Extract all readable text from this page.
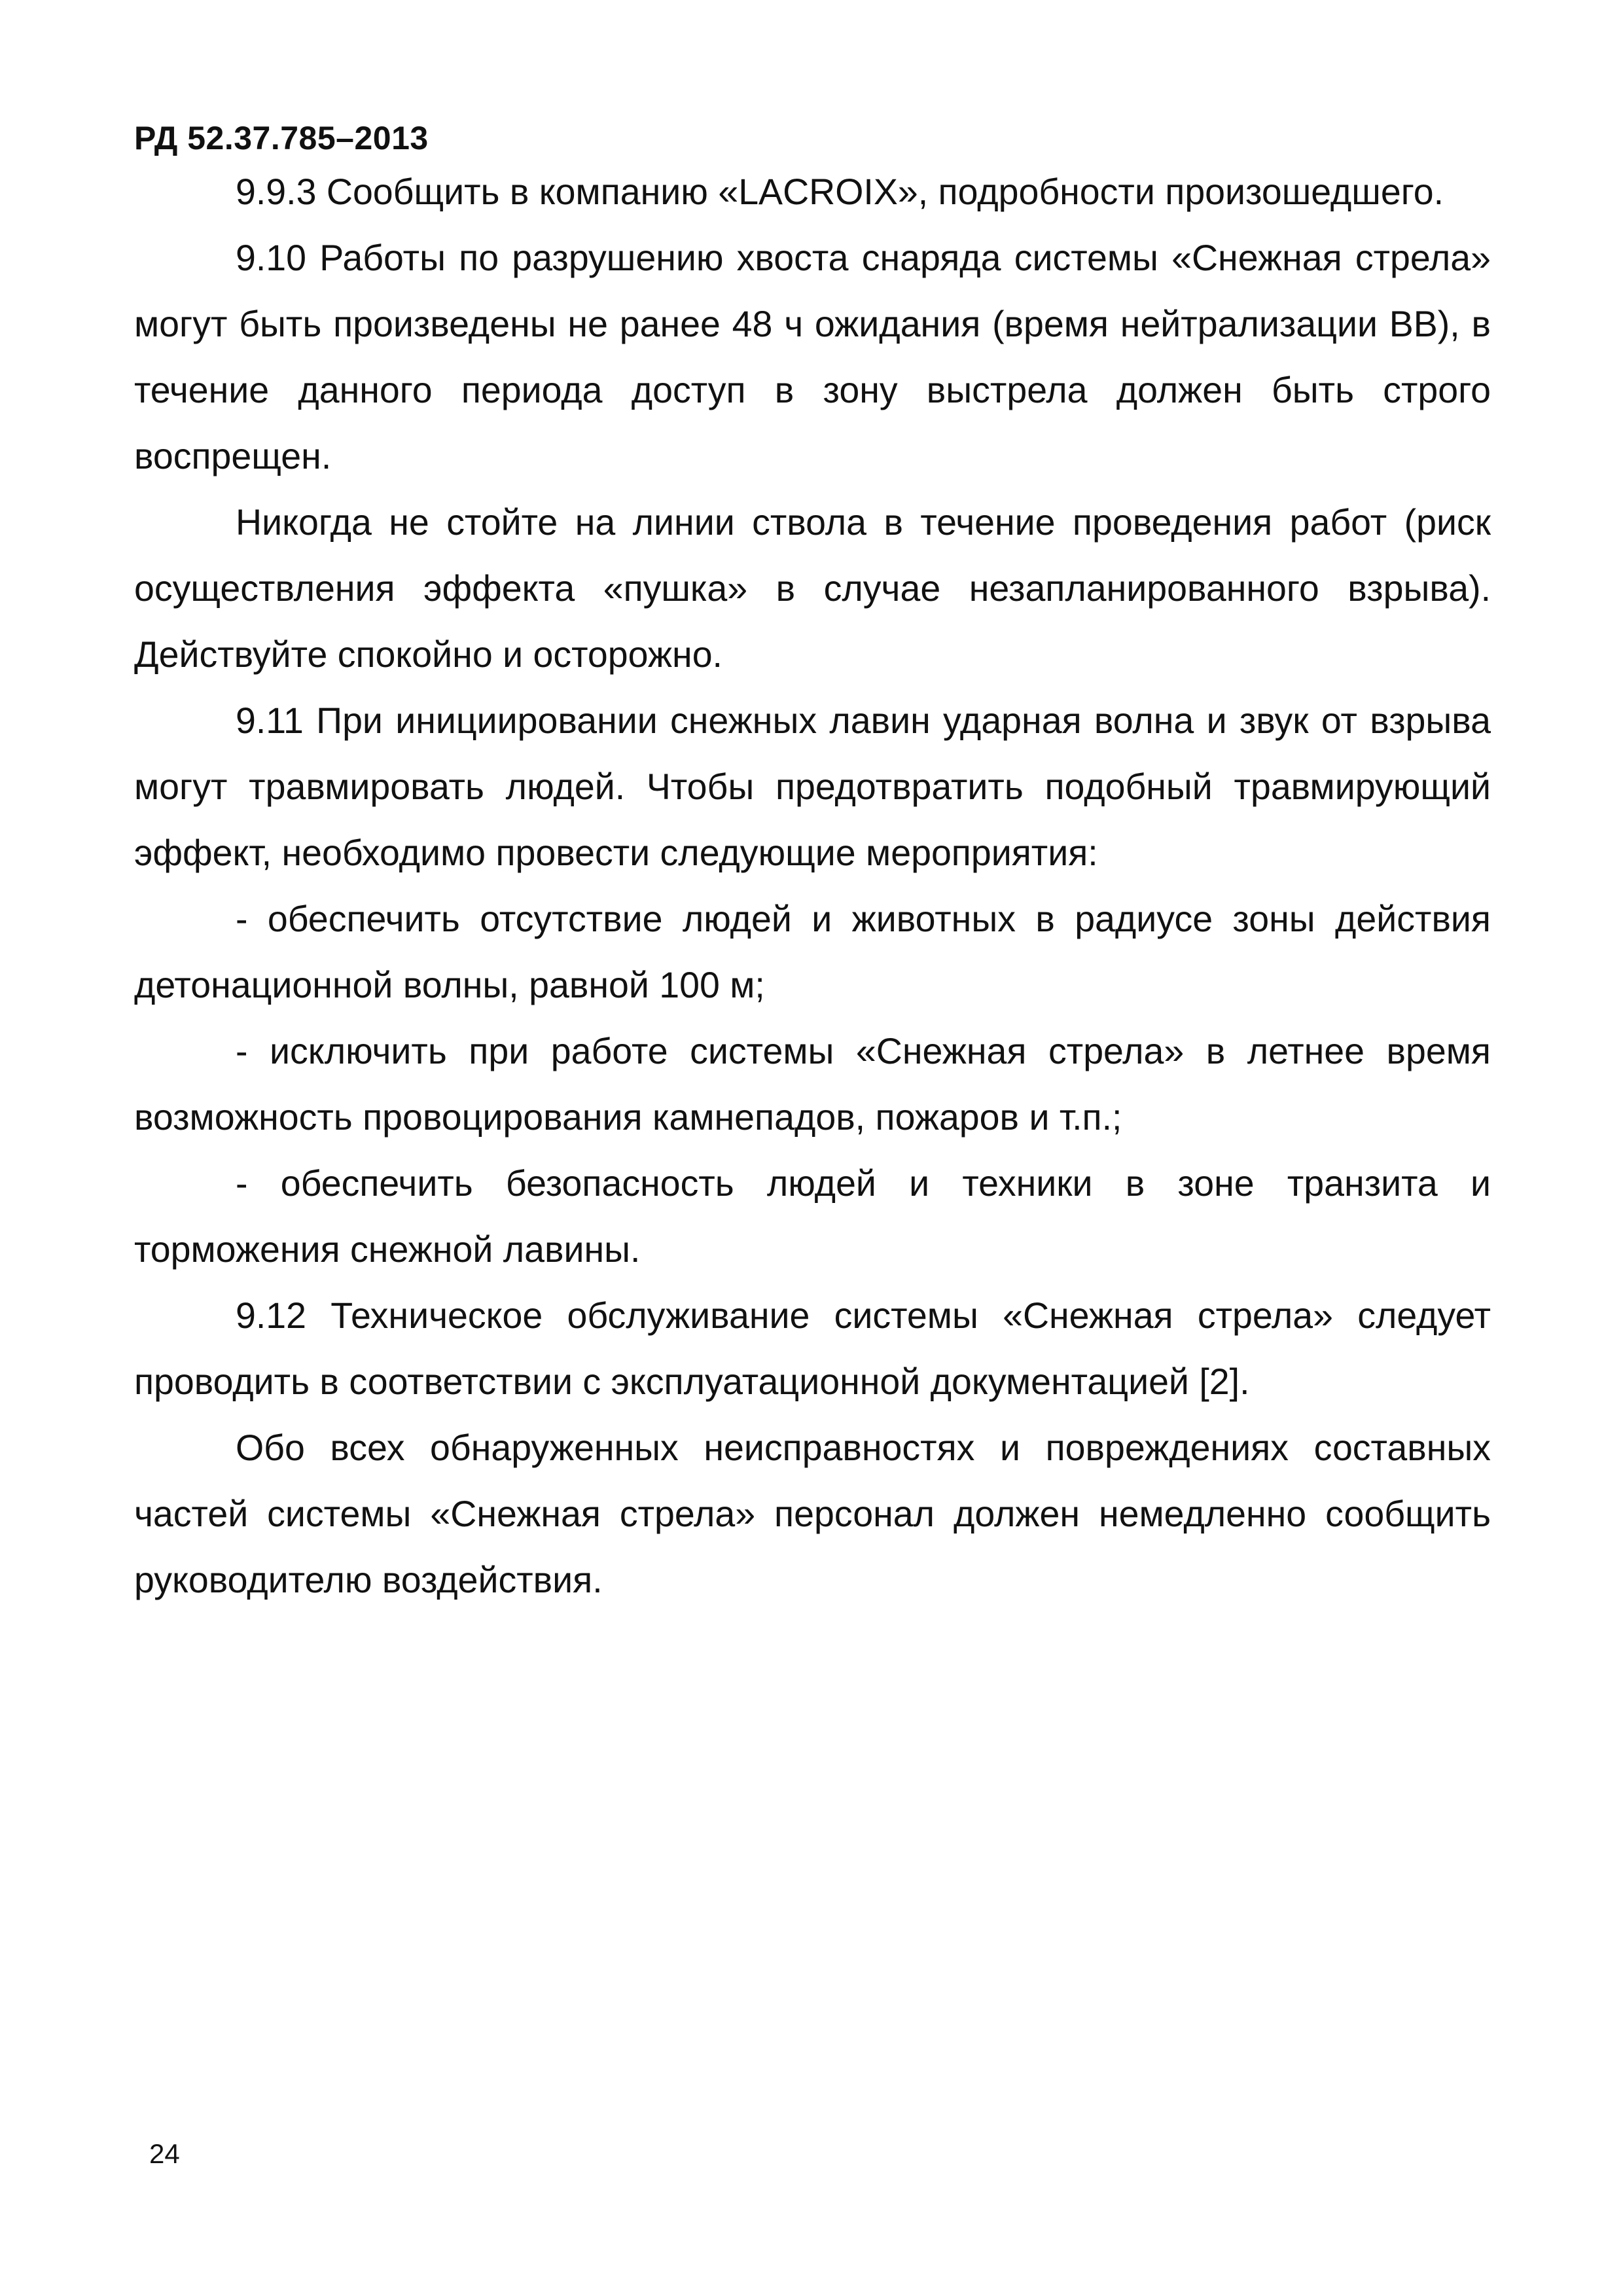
РД 52.37.785–2013

9.9.3 Сообщить в компанию «LACROIX», подробности произошедшего.

9.10 Работы по разрушению хвоста снаряда системы «Снежная стрела» могут быть произведены не ранее 48 ч ожидания (время нейтрализации ВВ), в течение данного периода доступ в зону выстрела должен быть строго воспрещен.

Никогда не стойте на линии ствола в течение проведения работ (риск осуществления эффекта «пушка» в случае незапланированного взрыва). Действуйте спокойно и осторожно.

9.11 При инициировании снежных лавин ударная волна и звук от взрыва могут травмировать людей. Чтобы предотвратить подобный травмирующий эффект, необходимо провести следующие мероприятия:

- обеспечить отсутствие людей и животных в радиусе зоны действия детонационной волны, равной 100 м;

- исключить при работе системы «Снежная стрела» в летнее время возможность провоцирования камнепадов, пожаров и т.п.;

- обеспечить безопасность людей и техники в зоне транзита и торможения снежной лавины.

9.12 Техническое обслуживание системы «Снежная стрела» следует проводить в соответствии с эксплуатационной документацией [2].

Обо всех обнаруженных неисправностях и повреждениях составных частей системы «Снежная стрела» персонал должен немедленно сообщить руководителю воздействия.

24
